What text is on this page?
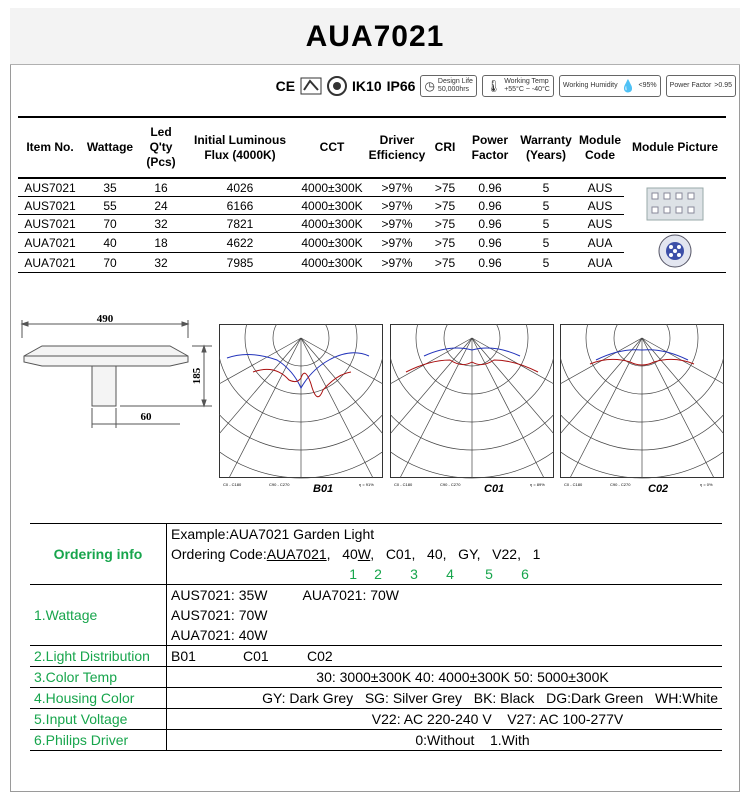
AUA7021
CE	IK10 IP66 ◷ Design Life
50,000hrs	🌡 Working Temp
+55°C ~ -40°C
Working Humidity 💧 <95% Power Factor >0.95
Item No.	Wattage	Led Q'ty (Pcs)	Initial Luminous Flux (4000K)	CCT	Driver Efficiency	CRI	Power Factor	Warranty (Years)	Module Code	Module Picture
AUS7021	35	16	4026	4000±300K	>97%	>75	0.96	5	AUS	
AUS7021	55	24	6166	4000±300K	>97%	>75	0.96	5	AUS	
AUS7021	70	32	7821	4000±300K	>97%	>75	0.96	5	AUS	
AUA7021	40	18	4622	4000±300K	>97%	>75	0.96	5	AUA	
AUA7021	70	32	7985	4000±300K	>97%	>75	0.96	5	AUA	
490
185
60
C0 - C180	C90 - C270	η = 91%
B01	C0 - C180	C90 - C270	η = 89%
C01	C0 - C180	C90 - C270	η = 0%
C02
Ordering info	Example:AUA7021 Garden Light
	Ordering Code:AUA7021,   40W,   C01,   40,   GY,   V22,   1
	1 2 3 4 5 6
1.Wattage	AUS7021: 35W AUA7021: 70W
	AUS7021: 70W
	AUA7021: 40W
2.Light Distribution	B01 C01 C02
3.Color Temp	30: 3000±300K 40: 4000±300K 50: 5000±300K
4.Housing Color	GY: Dark Grey   SG: Silver Grey   BK: Black   DG:Dark Green   WH:White
5.Input Voltage	V22: AC 220-240 V    V27: AC 100-277V
6.Philips Driver	0:Without    1.With
